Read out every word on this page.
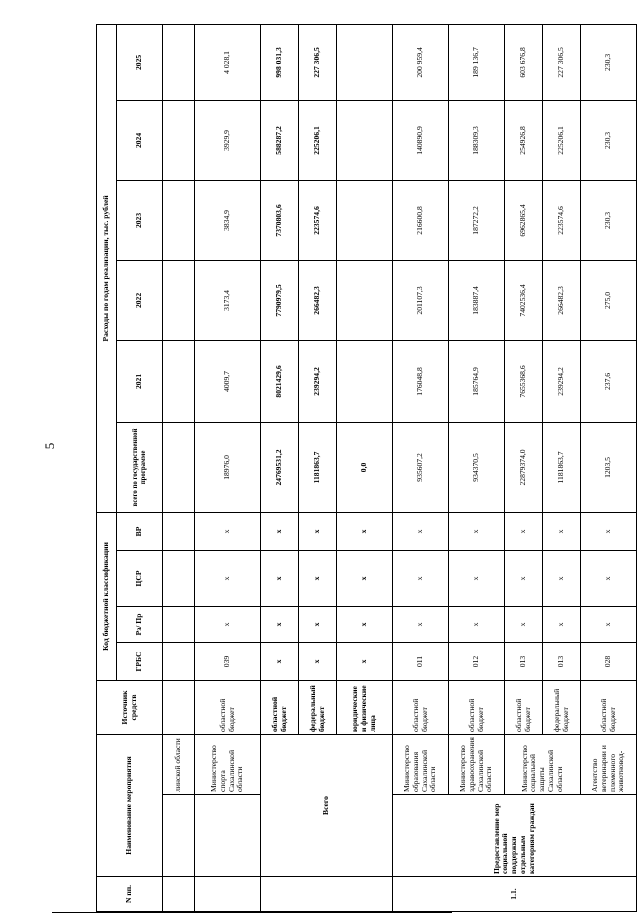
5
N пп.	Наименование мероприятия		Источник средств	Код бюджетной классификации				Расходы по годам реализации, тыс. рублей					
				ГРБС	Рз/ Пр	ЦСР	ВР	всего по государственной программе	2021	2022	2023	2024	2025
		линской области											
		Министерство спорта Сахалинской области	областной бюджет	039	х	х	х	18976,0	4009,7	3173,4	3834,9	3929,9	4 028,1
	Всего		областной бюджет	х	х	х	х	24769531,2	8021429,6	7790979,5	7370803,6	588287,2	998 031,3
			федеральный бюджет	х	х	х	х	1181863,7	239294,2	266482,3	223574,6	225206,1	227 306,5
			юридические и физические лица	х	х	х	х	0,0					
1.1.	Предоставление мер социальной поддержки отдельным категориям граждан	Министерство образования Сахалинской области	областной бюджет	011	х	х	х	935607,2	176048,8	201107,3	216600,8	140890,9	200 959,4
		Министерство здравоохранения Сахалинской области	областной бюджет	012	х	х	х	934370,5	185764,9	183887,4	187272,2	188309,3	189 136,7
		Министерство социальной защиты Сахалинской области	областной бюджет	013	х	х	х	22879374,0	7655368,6	7402536,4	6962865,4	254926,8	603 676,8
			федеральный бюджет	013	х	х	х	1181863,7	239294,2	266482,3	223574,6	225206,1	227 306,5
		Агентство ветеринарии и племенного животновод-	областной бюджет	028	х	х	х	1203,5	237,6	275,0	230,3	230,3	230,3
